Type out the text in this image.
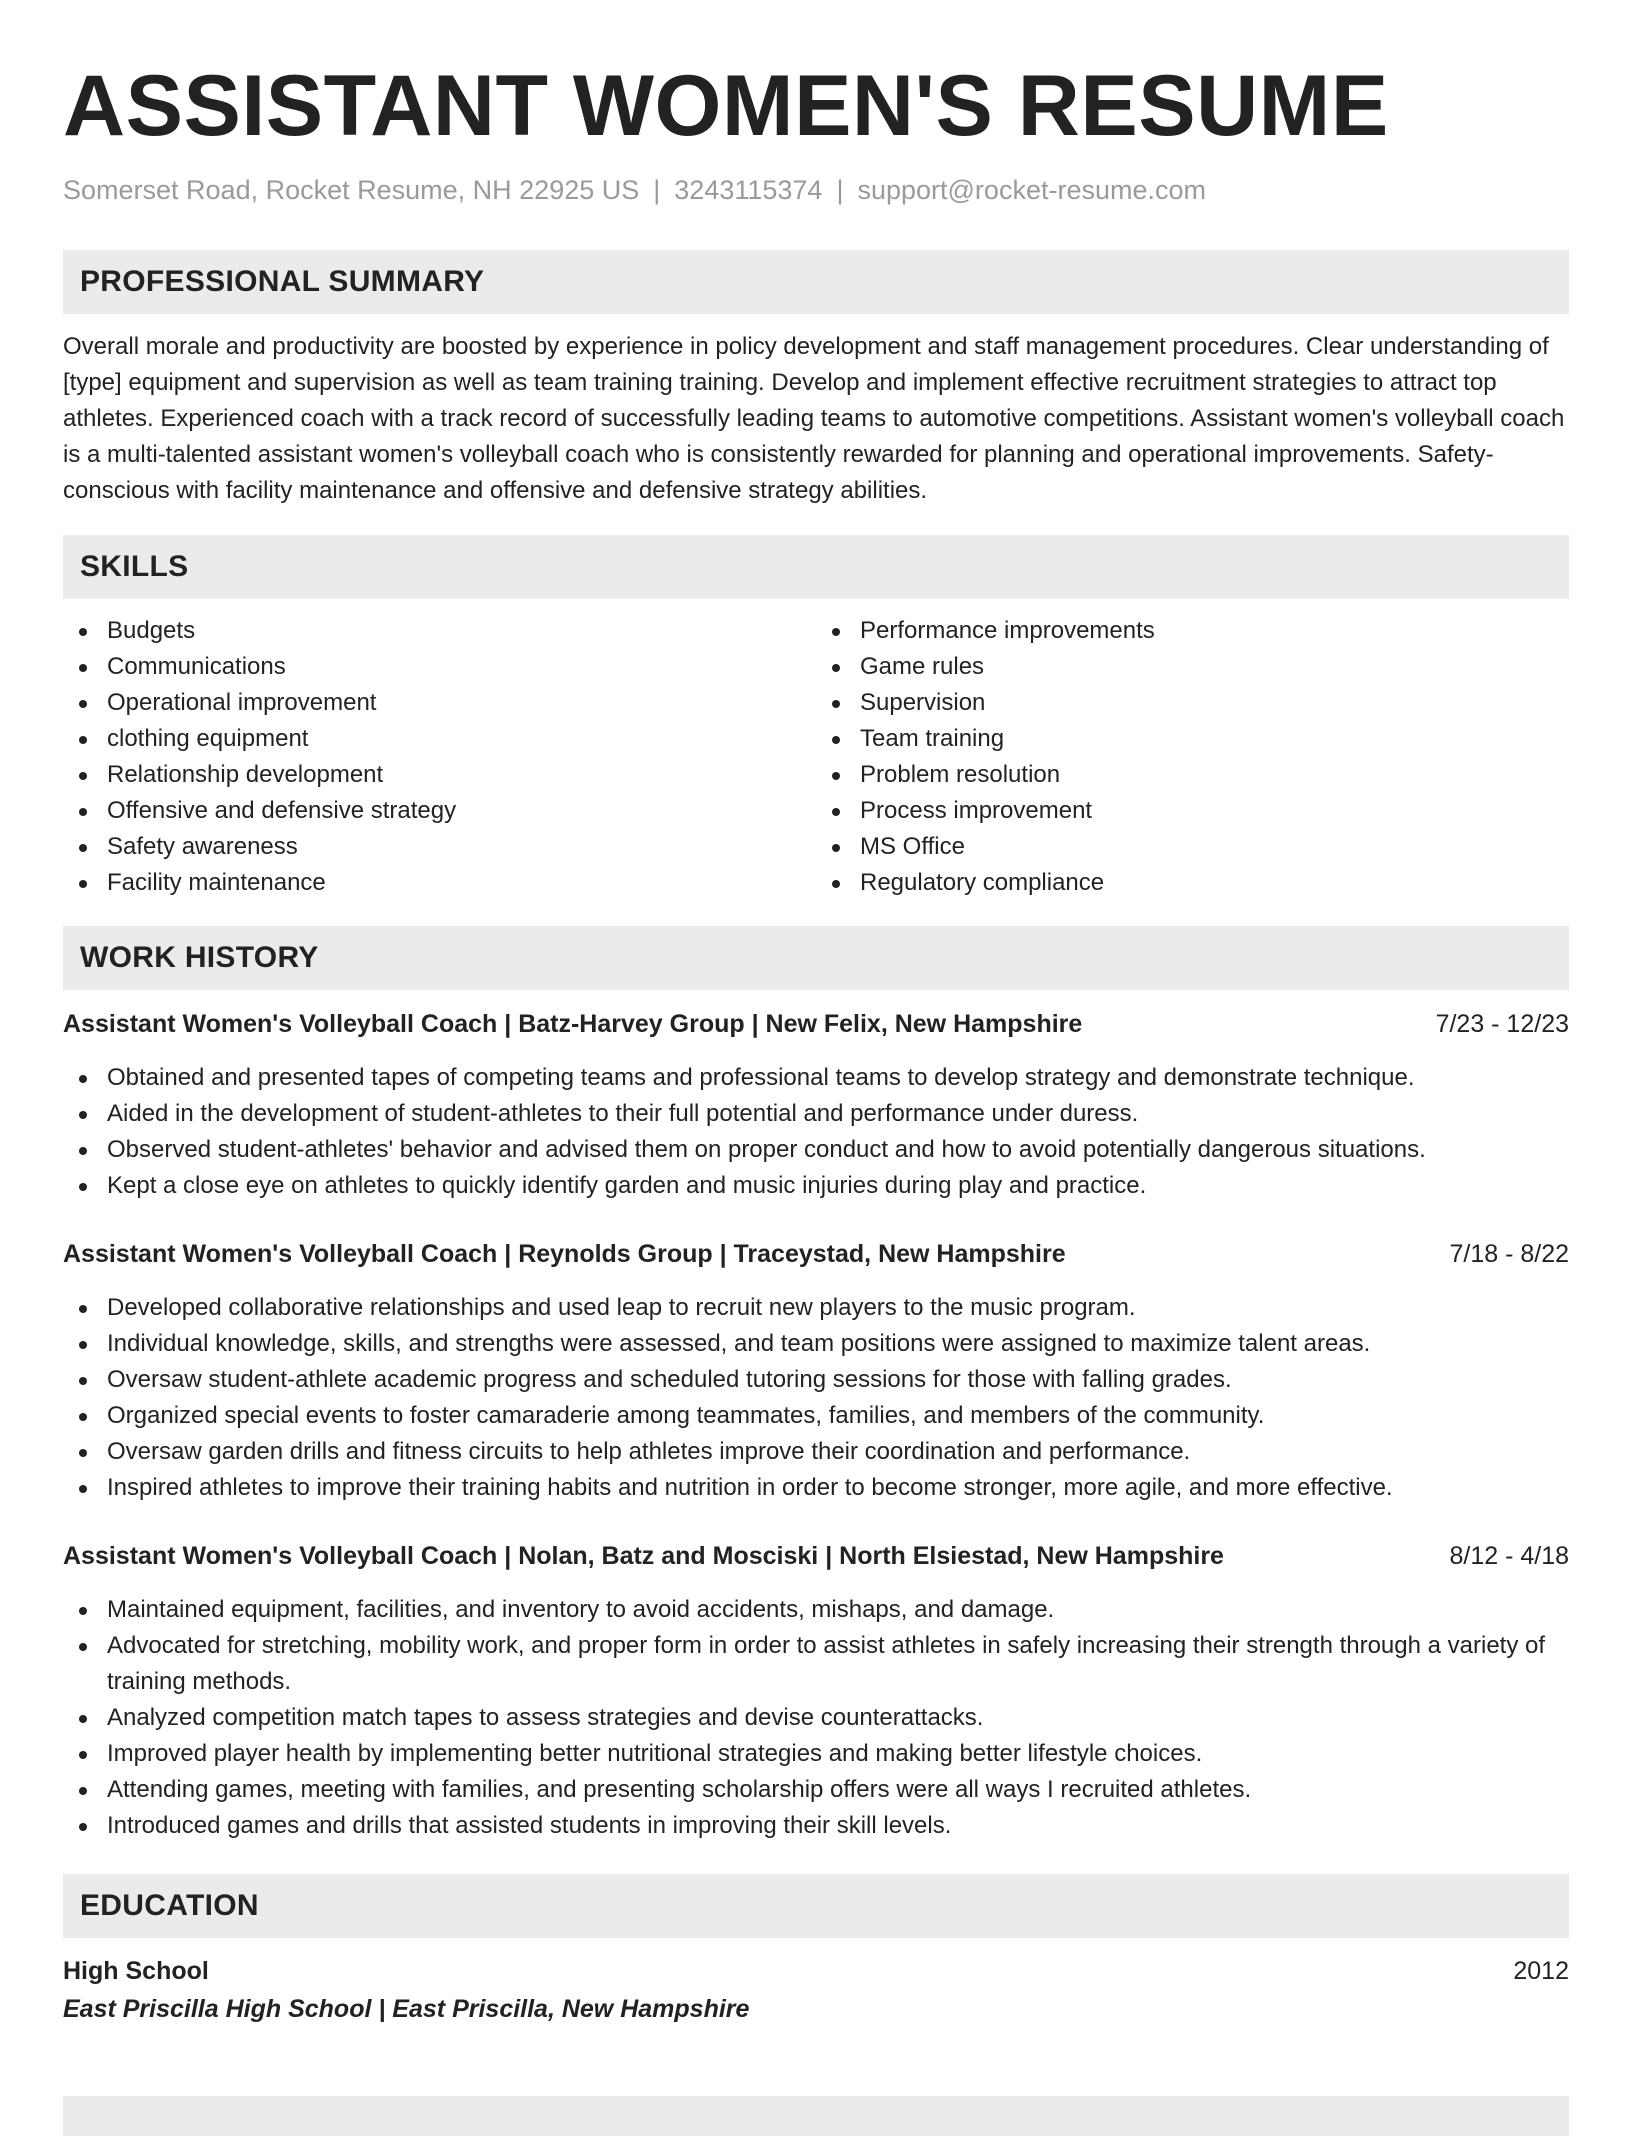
ASSISTANT WOMEN'S RESUME
Somerset Road, Rocket Resume, NH 22925 US | 3243115374 | support@rocket-resume.com
PROFESSIONAL SUMMARY

Overall morale and productivity are boosted by experience in policy development and staff management procedures. Clear understanding of [type] equipment and supervision as well as team training training. Develop and implement effective recruitment strategies to attract top athletes. Experienced coach with a track record of successfully leading teams to automotive competitions. Assistant women's volleyball coach is a multi-talented assistant women's volleyball coach who is consistently rewarded for planning and operational improvements. Safety-conscious with facility maintenance and offensive and defensive strategy abilities.

SKILLS
Budgets
Communications
Operational improvement
clothing equipment
Relationship development
Offensive and defensive strategy
Safety awareness
Facility maintenance
Performance improvements
Game rules
Supervision
Team training
Problem resolution
Process improvement
MS Office
Regulatory compliance
WORK HISTORY
Assistant Women's Volleyball Coach | Batz-Harvey Group | New Felix, New Hampshire	7/23 - 12/23
Obtained and presented tapes of competing teams and professional teams to develop strategy and demonstrate technique.
Aided in the development of student-athletes to their full potential and performance under duress.
Observed student-athletes' behavior and advised them on proper conduct and how to avoid potentially dangerous situations.
Kept a close eye on athletes to quickly identify garden and music injuries during play and practice.
Assistant Women's Volleyball Coach | Reynolds Group | Traceystad, New Hampshire	7/18 - 8/22
Developed collaborative relationships and used leap to recruit new players to the music program.
Individual knowledge, skills, and strengths were assessed, and team positions were assigned to maximize talent areas.
Oversaw student-athlete academic progress and scheduled tutoring sessions for those with falling grades.
Organized special events to foster camaraderie among teammates, families, and members of the community.
Oversaw garden drills and fitness circuits to help athletes improve their coordination and performance.
Inspired athletes to improve their training habits and nutrition in order to become stronger, more agile, and more effective.
Assistant Women's Volleyball Coach | Nolan, Batz and Mosciski | North Elsiestad, New Hampshire	8/12 - 4/18
Maintained equipment, facilities, and inventory to avoid accidents, mishaps, and damage.
Advocated for stretching, mobility work, and proper form in order to assist athletes in safely increasing their strength through a variety of training methods.
Analyzed competition match tapes to assess strategies and devise counterattacks.
Improved player health by implementing better nutritional strategies and making better lifestyle choices.
Attending games, meeting with families, and presenting scholarship offers were all ways I recruited athletes.
Introduced games and drills that assisted students in improving their skill levels.
EDUCATION
High School	2012
East Priscilla High School | East Priscilla, New Hampshire
